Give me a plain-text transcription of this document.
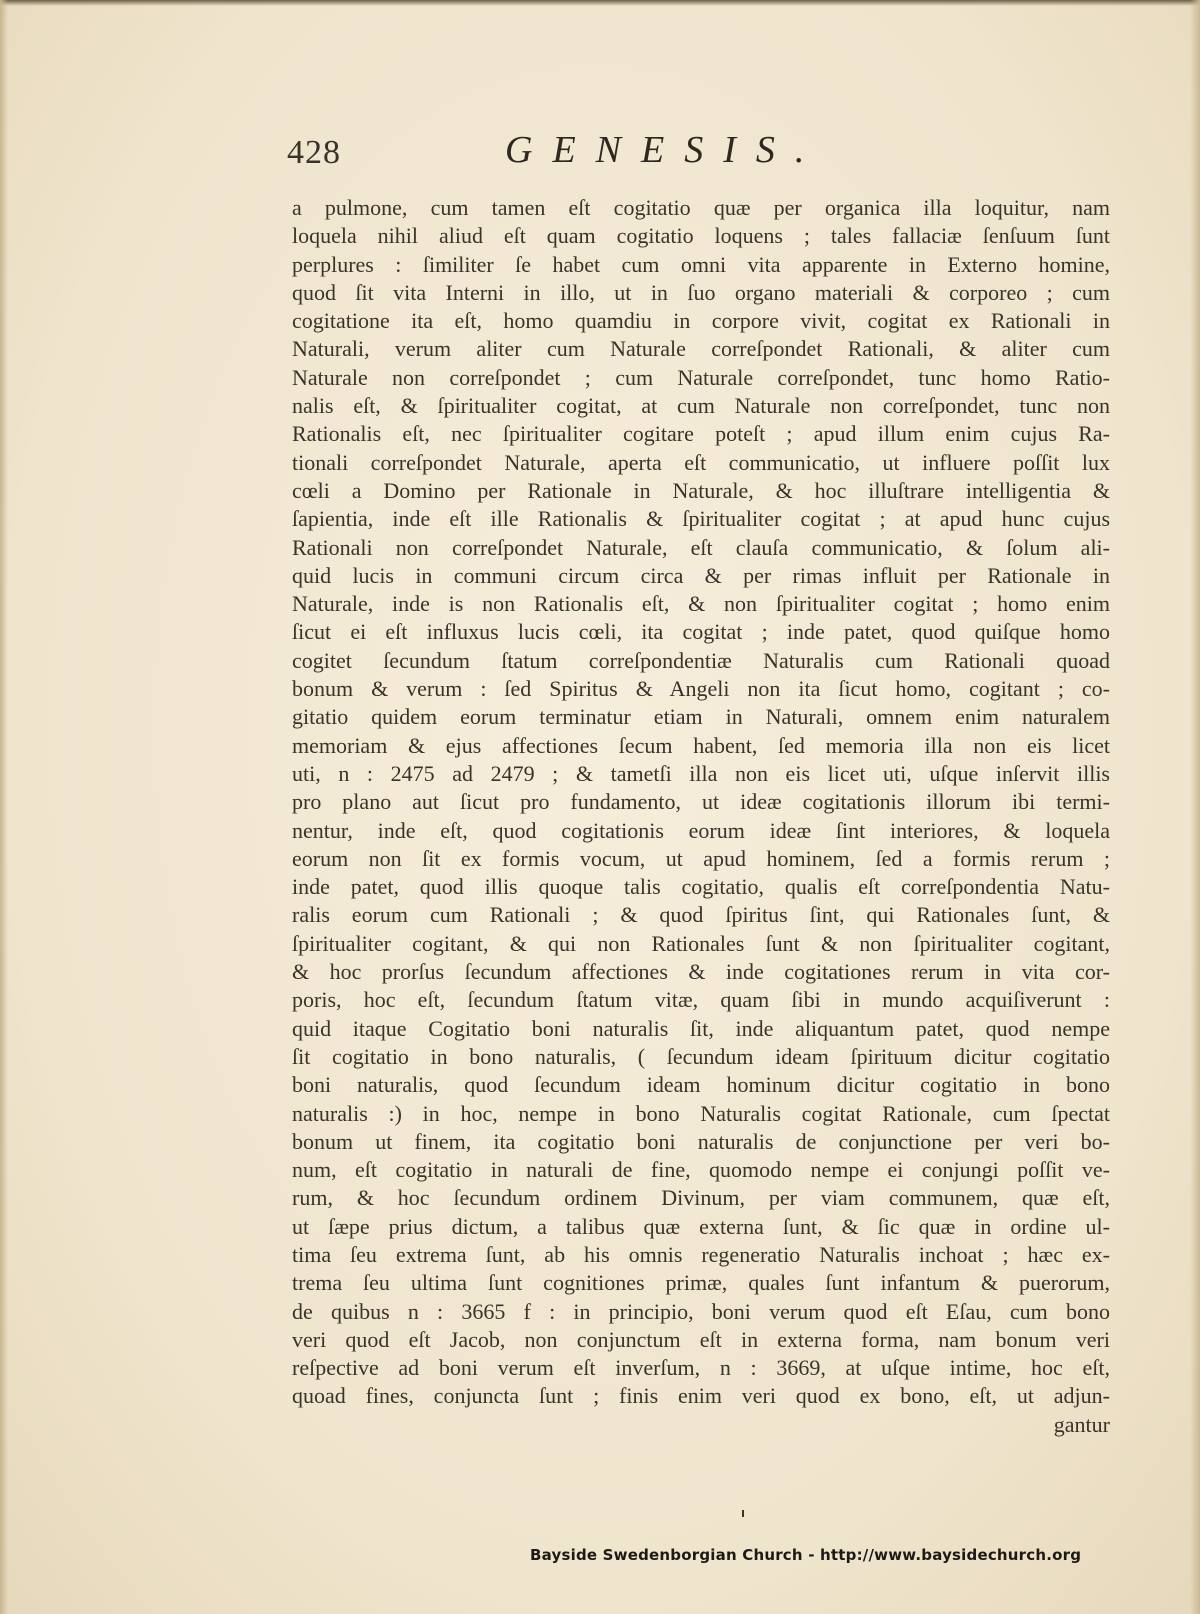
428	GENESIS.
a pulmone, cum tamen eſt cogitatio quæ per organica illa loquitur, nam
loquela nihil aliud eſt quam cogitatio loquens ; tales fallaciæ ſenſuum ſunt
perplures : ſimiliter ſe habet cum omni vita apparente in Externo homine,
quod ſit vita Interni in illo, ut in ſuo organo materiali & corporeo ; cum
cogitatione ita eſt, homo quamdiu in corpore vivit, cogitat ex Rationali in
Naturali, verum aliter cum Naturale correſpondet Rationali, & aliter cum
Naturale non correſpondet ; cum Naturale correſpondet, tunc homo Ratio-
nalis eſt, & ſpiritualiter cogitat, at cum Naturale non correſpondet, tunc non
Rationalis eſt, nec ſpiritualiter cogitare poteſt ; apud illum enim cujus Ra-
tionali correſpondet Naturale, aperta eſt communicatio, ut influere poſſit lux
cœli a Domino per Rationale in Naturale, & hoc illuſtrare intelligentia &
ſapientia, inde eſt ille Rationalis & ſpiritualiter cogitat ; at apud hunc cujus
Rationali non correſpondet Naturale, eſt clauſa communicatio, & ſolum ali-
quid lucis in communi circum circa & per rimas influit per Rationale in
Naturale, inde is non Rationalis eſt, & non ſpiritualiter cogitat ; homo enim
ſicut ei eſt influxus lucis cœli, ita cogitat ; inde patet, quod quiſque homo
cogitet ſecundum ſtatum correſpondentiæ Naturalis cum Rationali quoad
bonum & verum : ſed Spiritus & Angeli non ita ſicut homo, cogitant ; co-
gitatio quidem eorum terminatur etiam in Naturali, omnem enim naturalem
memoriam & ejus affectiones ſecum habent, ſed memoria illa non eis licet
uti, n : 2475 ad 2479 ; & tametſi illa non eis licet uti, uſque inſervit illis
pro plano aut ſicut pro fundamento, ut ideæ cogitationis illorum ibi termi-
nentur, inde eſt, quod cogitationis eorum ideæ ſint interiores, & loquela
eorum non ſit ex formis vocum, ut apud hominem, ſed a formis rerum ;
inde patet, quod illis quoque talis cogitatio, qualis eſt correſpondentia Natu-
ralis eorum cum Rationali ; & quod ſpiritus ſint, qui Rationales ſunt, &
ſpiritualiter cogitant, & qui non Rationales ſunt & non ſpiritualiter cogitant,
& hoc prorſus ſecundum affectiones & inde cogitationes rerum in vita cor-
poris, hoc eſt, ſecundum ſtatum vitæ, quam ſibi in mundo acquiſiverunt :
quid itaque Cogitatio boni naturalis ſit, inde aliquantum patet, quod nempe
ſit cogitatio in bono naturalis, ( ſecundum ideam ſpirituum dicitur cogitatio
boni naturalis, quod ſecundum ideam hominum dicitur cogitatio in bono
naturalis :) in hoc, nempe in bono Naturalis cogitat Rationale, cum ſpectat
bonum ut finem, ita cogitatio boni naturalis de conjunctione per veri bo-
num, eſt cogitatio in naturali de fine, quomodo nempe ei conjungi poſſit ve-
rum, & hoc ſecundum ordinem Divinum, per viam communem, quæ eſt,
ut ſæpe prius dictum, a talibus quæ externa ſunt, & ſic quæ in ordine ul-
tima ſeu extrema ſunt, ab his omnis regeneratio Naturalis inchoat ; hæc ex-
trema ſeu ultima ſunt cognitiones primæ, quales ſunt infantum & puerorum,
de quibus n : 3665 f : in principio, boni verum quod eſt Eſau, cum bono
veri quod eſt Jacob, non conjunctum eſt in externa forma, nam bonum veri
reſpective ad boni verum eſt inverſum, n : 3669, at uſque intime, hoc eſt,
quoad fines, conjuncta ſunt ; finis enim veri quod ex bono, eſt, ut adjun-
gantur
Bayside Swedenborgian Church - http://www.baysidechurch.org
